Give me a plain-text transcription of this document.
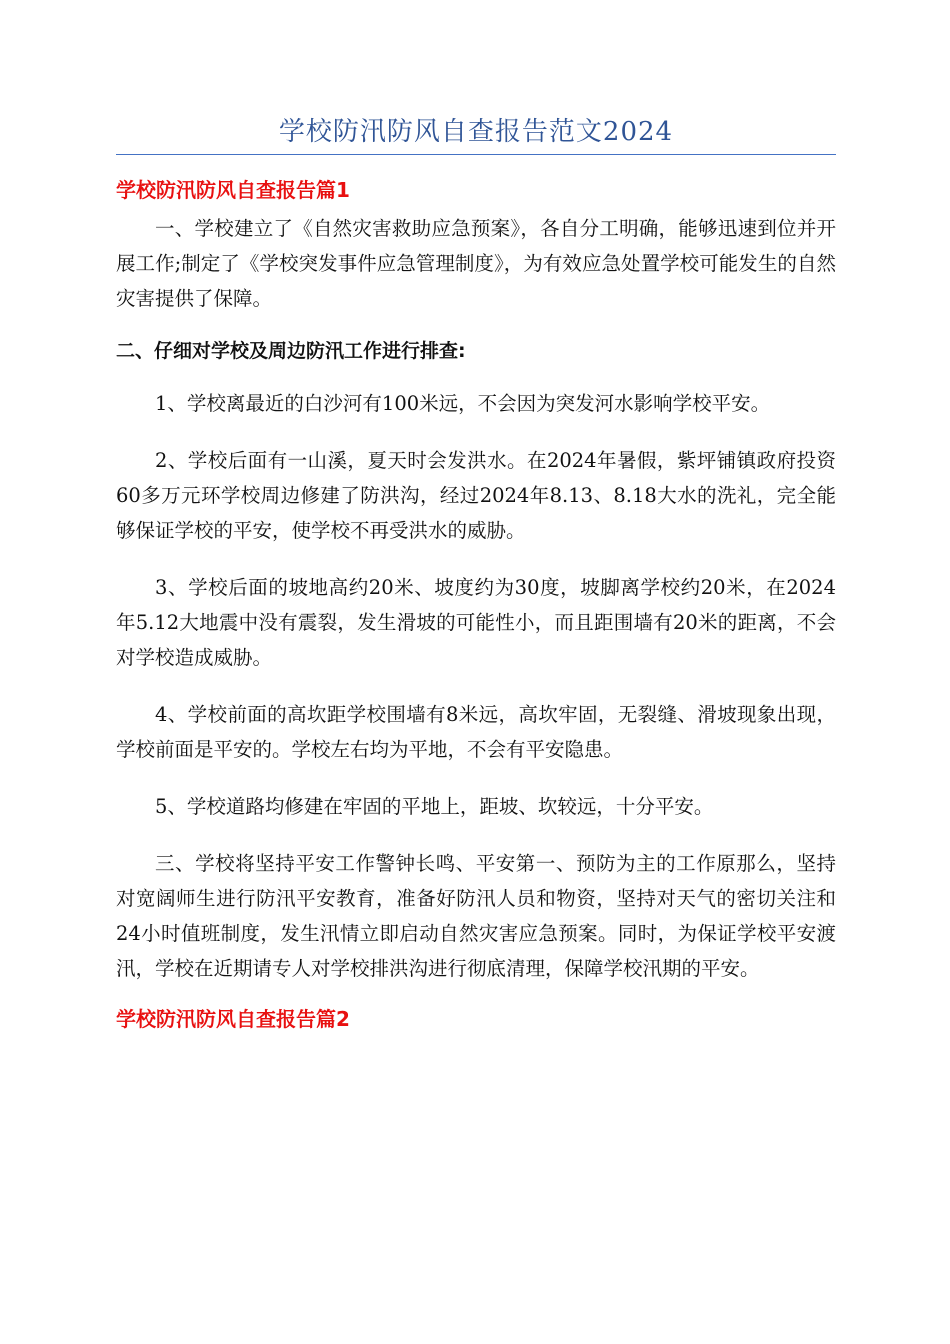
学校防汛防风自查报告范文2024
学校防汛防风自查报告篇1

一、学校建立了《自然灾害救助应急预案》，各自分工明确，能够迅速到位并开展工作;制定了《学校突发事件应急管理制度》，为有效应急处置学校可能发生的自然灾害提供了保障。

二、仔细对学校及周边防汛工作进行排查:

1、学校离最近的白沙河有100米远，不会因为突发河水影响学校平安。

2、学校后面有一山溪，夏天时会发洪水。在2024年暑假，紫坪铺镇政府投资60多万元环学校周边修建了防洪沟，经过2024年8.13、8.18大水的洗礼，完全能够保证学校的平安，使学校不再受洪水的威胁。

3、学校后面的坡地高约20米、坡度约为30度，坡脚离学校约20米，在2024年5.12大地震中没有震裂，发生滑坡的可能性小，而且距围墙有20米的距离，不会对学校造成威胁。

4、学校前面的高坎距学校围墙有8米远，高坎牢固，无裂缝、滑坡现象出现，学校前面是平安的。学校左右均为平地，不会有平安隐患。

5、学校道路均修建在牢固的平地上，距坡、坎较远，十分平安。

三、学校将坚持平安工作警钟长鸣、平安第一、预防为主的工作原那么，坚持对宽阔师生进行防汛平安教育，准备好防汛人员和物资，坚持对天气的密切关注和24小时值班制度，发生汛情立即启动自然灾害应急预案。同时，为保证学校平安渡汛，学校在近期请专人对学校排洪沟进行彻底清理，保障学校汛期的平安。

学校防汛防风自查报告篇2
